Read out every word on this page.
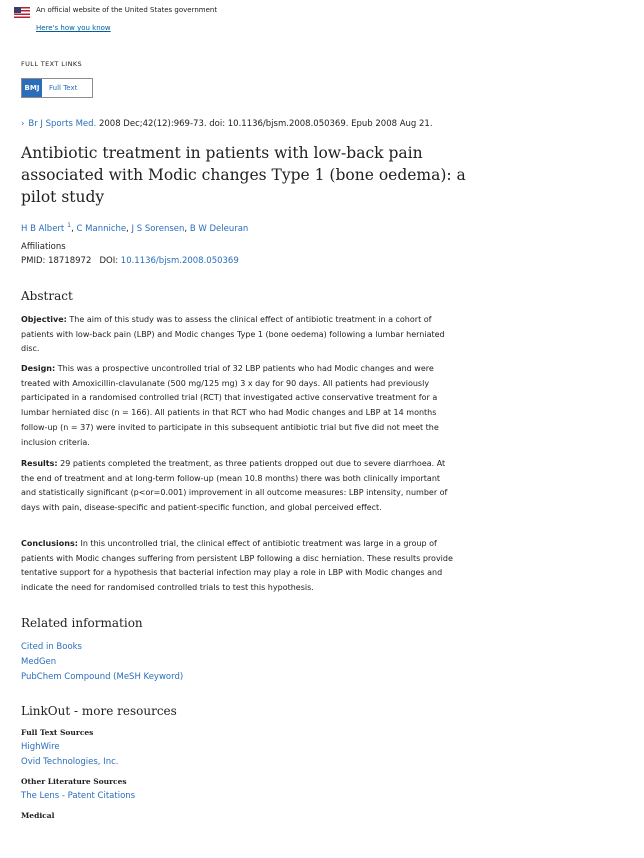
An official website of the United States government
Here's how you know
FULL TEXT LINKS
BMJ	Full Text
› Br J Sports Med. 2008 Dec;42(12):969-73. doi: 10.1136/bjsm.2008.050369. Epub 2008 Aug 21.
Antibiotic treatment in patients with low-back pain associated with Modic changes Type 1 (bone oedema): a pilot study
H B Albert $^1$, C Manniche, J S Sorensen, B W Deleuran
Affiliations
PMID: 18718972 DOI: 10.1136/bjsm.2008.050369
Abstract

Objective: The aim of this study was to assess the clinical effect of antibiotic treatment in a cohort of patients with low-back pain (LBP) and Modic changes Type 1 (bone oedema) following a lumbar herniated disc.

Design: This was a prospective uncontrolled trial of 32 LBP patients who had Modic changes and were treated with Amoxicillin-clavulanate (500 mg/125 mg) 3 x day for 90 days. All patients had previously participated in a randomised controlled trial (RCT) that investigated active conservative treatment for a lumbar herniated disc (n = 166). All patients in that RCT who had Modic changes and LBP at 14 months follow-up (n = 37) were invited to participate in this subsequent antibiotic trial but five did not meet the inclusion criteria.

Results: 29 patients completed the treatment, as three patients dropped out due to severe diarrhoea. At the end of treatment and at long-term follow-up (mean 10.8 months) there was both clinically important and statistically significant (p<or=0.001) improvement in all outcome measures: LBP intensity, number of days with pain, disease-specific and patient-specific function, and global perceived effect.

Conclusions: In this uncontrolled trial, the clinical effect of antibiotic treatment was large in a group of patients with Modic changes suffering from persistent LBP following a disc herniation. These results provide tentative support for a hypothesis that bacterial infection may play a role in LBP with Modic changes and indicate the need for randomised controlled trials to test this hypothesis.

Related information
Cited in Books
MedGen
PubChem Compound (MeSH Keyword)
LinkOut - more resources
Full Text Sources
HighWire
Ovid Technologies, Inc.
Other Literature Sources
The Lens - Patent Citations
Medical
